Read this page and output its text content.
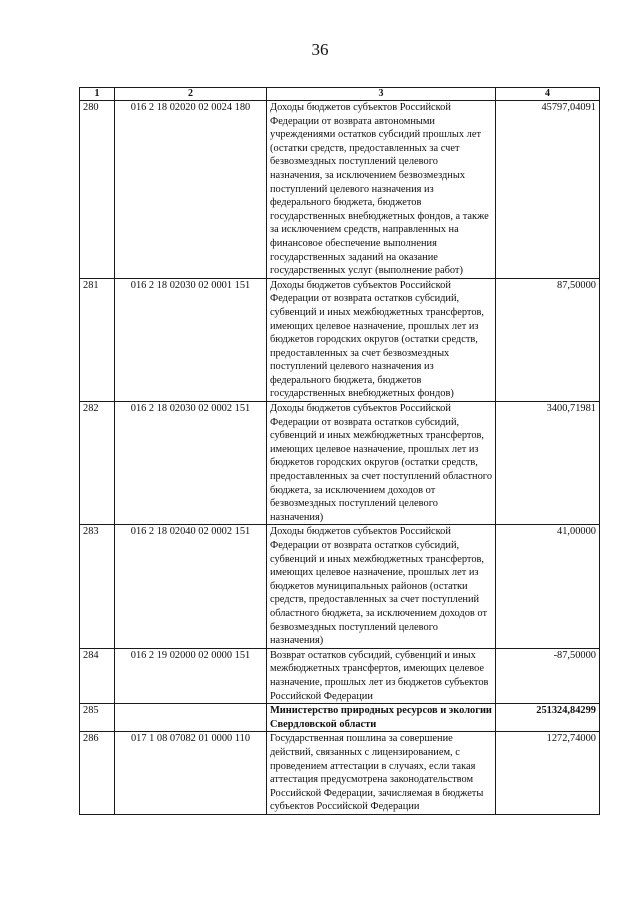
36
1	2	3	4
280	016 2 18 02020 02 0024 180	Доходы бюджетов субъектов Российской Федерации от возврата автономными учреждениями остатков субсидий прошлых лет (остатки средств, предоставленных за счет безвозмездных поступлений целевого назначения, за исключением безвозмездных поступлений целевого назначения из федерального бюджета, бюджетов государственных внебюджетных фондов, а также за исключением средств, направленных на финансовое обеспечение выполнения государственных заданий на оказание государственных услуг (выполнение работ)	45797,04091
281	016 2 18 02030 02 0001 151	Доходы бюджетов субъектов Российской Федерации от возврата остатков субсидий, субвенций и иных межбюджетных трансфертов, имеющих целевое назначение, прошлых лет из бюджетов городских округов (остатки средств, предоставленных за счет безвозмездных поступлений целевого назначения из федерального бюджета, бюджетов государственных внебюджетных фондов)	87,50000
282	016 2 18 02030 02 0002 151	Доходы бюджетов субъектов Российской Федерации от возврата остатков субсидий, субвенций и иных межбюджетных трансфертов, имеющих целевое назначение, прошлых лет из бюджетов городских округов (остатки средств, предоставленных за счет поступлений областного бюджета, за исключением доходов от безвозмездных поступлений целевого назначения)	3400,71981
283	016 2 18 02040 02 0002 151	Доходы бюджетов субъектов Российской Федерации от возврата остатков субсидий, субвенций и иных межбюджетных трансфертов, имеющих целевое назначение, прошлых лет из бюджетов муниципальных районов (остатки средств, предоставленных за счет поступлений областного бюджета, за исключением доходов от безвозмездных поступлений целевого назначения)	41,00000
284	016 2 19 02000 02 0000 151	Возврат остатков субсидий, субвенций и иных межбюджетных трансфертов, имеющих целевое назначение, прошлых лет из бюджетов субъектов Российской Федерации	-87,50000
285		Министерство природных ресурсов и экологии Свердловской области	251324,84299
286	017 1 08 07082 01 0000 110	Государственная пошлина за совершение действий, связанных с лицензированием, с проведением аттестации в случаях, если такая аттестация предусмотрена законодательством Российской Федерации, зачисляемая в бюджеты субъектов Российской Федерации	1272,74000
